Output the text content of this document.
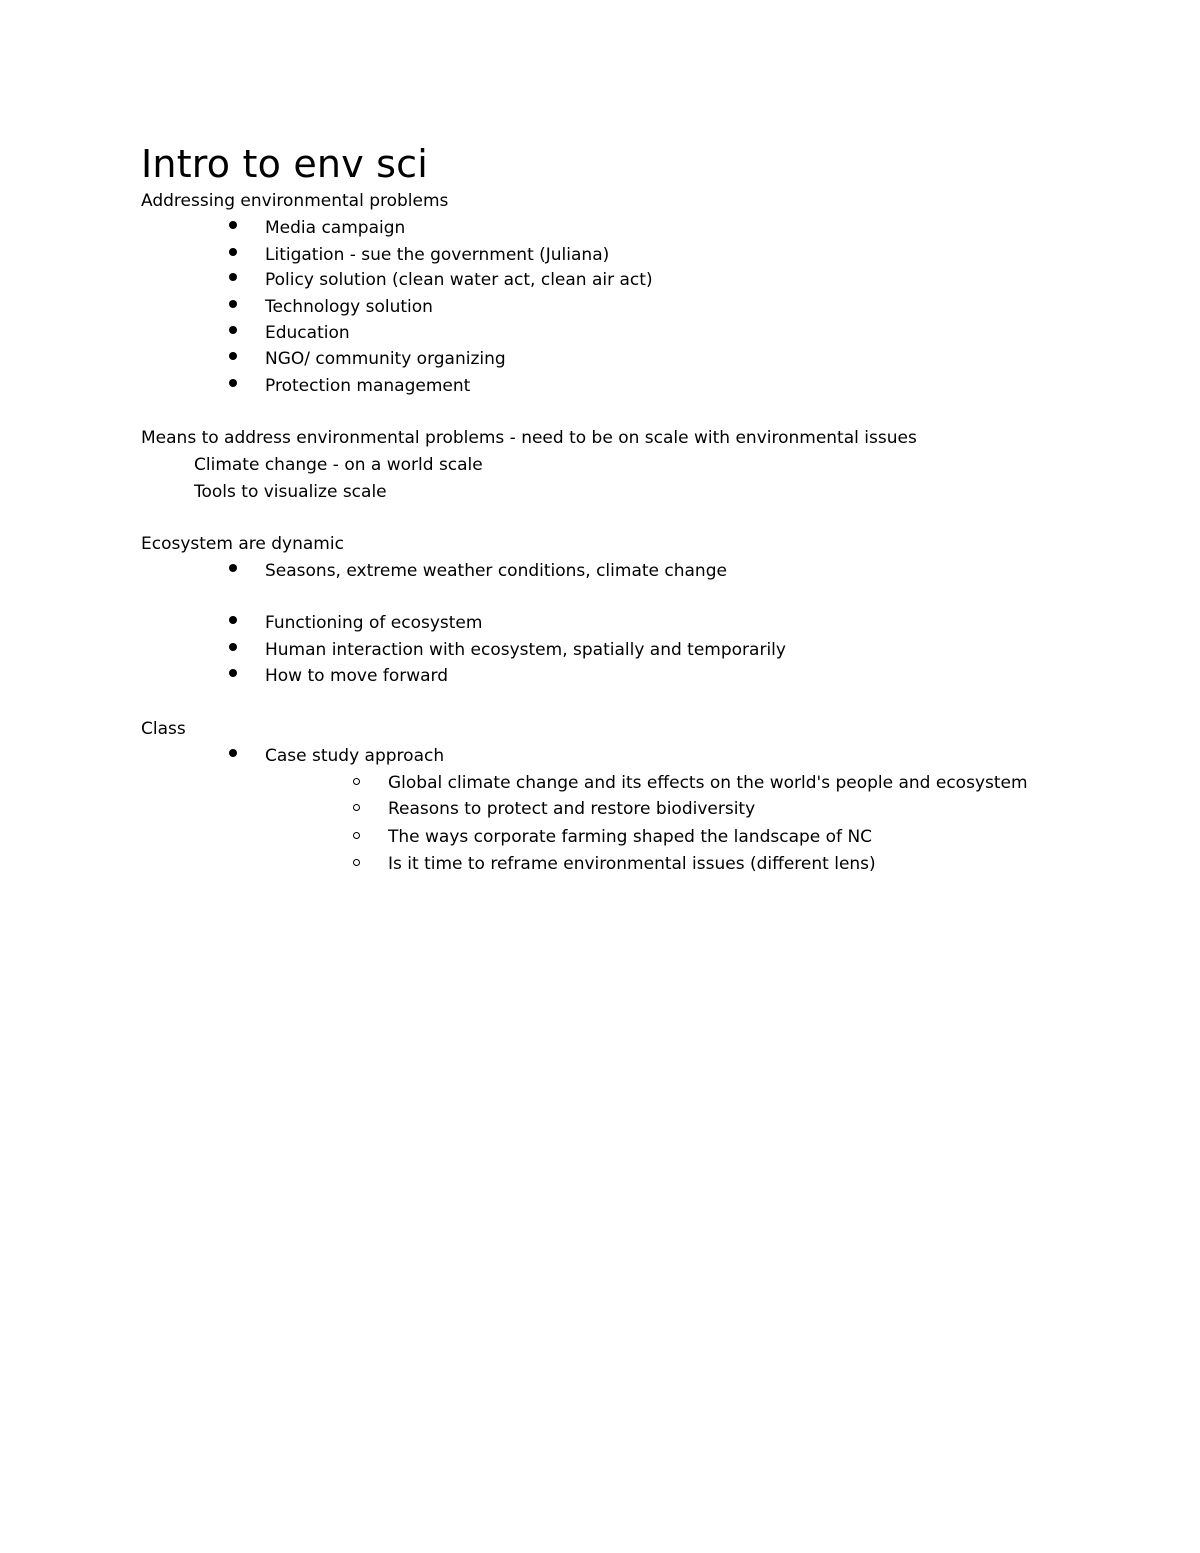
Intro to env sci
Addressing environmental problems
Media campaign
Litigation - sue the government (Juliana)
Policy solution (clean water act, clean air act)
Technology solution
Education
NGO/ community organizing
Protection management
Means to address environmental problems - need to be on scale with environmental issues
Climate change - on a world scale
Tools to visualize scale
Ecosystem are dynamic
Seasons, extreme weather conditions, climate change
Functioning of ecosystem
Human interaction with ecosystem, spatially and temporarily
How to move forward
Class
Case study approach
Global climate change and its effects on the world's people and ecosystem
Reasons to protect and restore biodiversity
The ways corporate farming shaped the landscape of NC
Is it time to reframe environmental issues (different lens)
